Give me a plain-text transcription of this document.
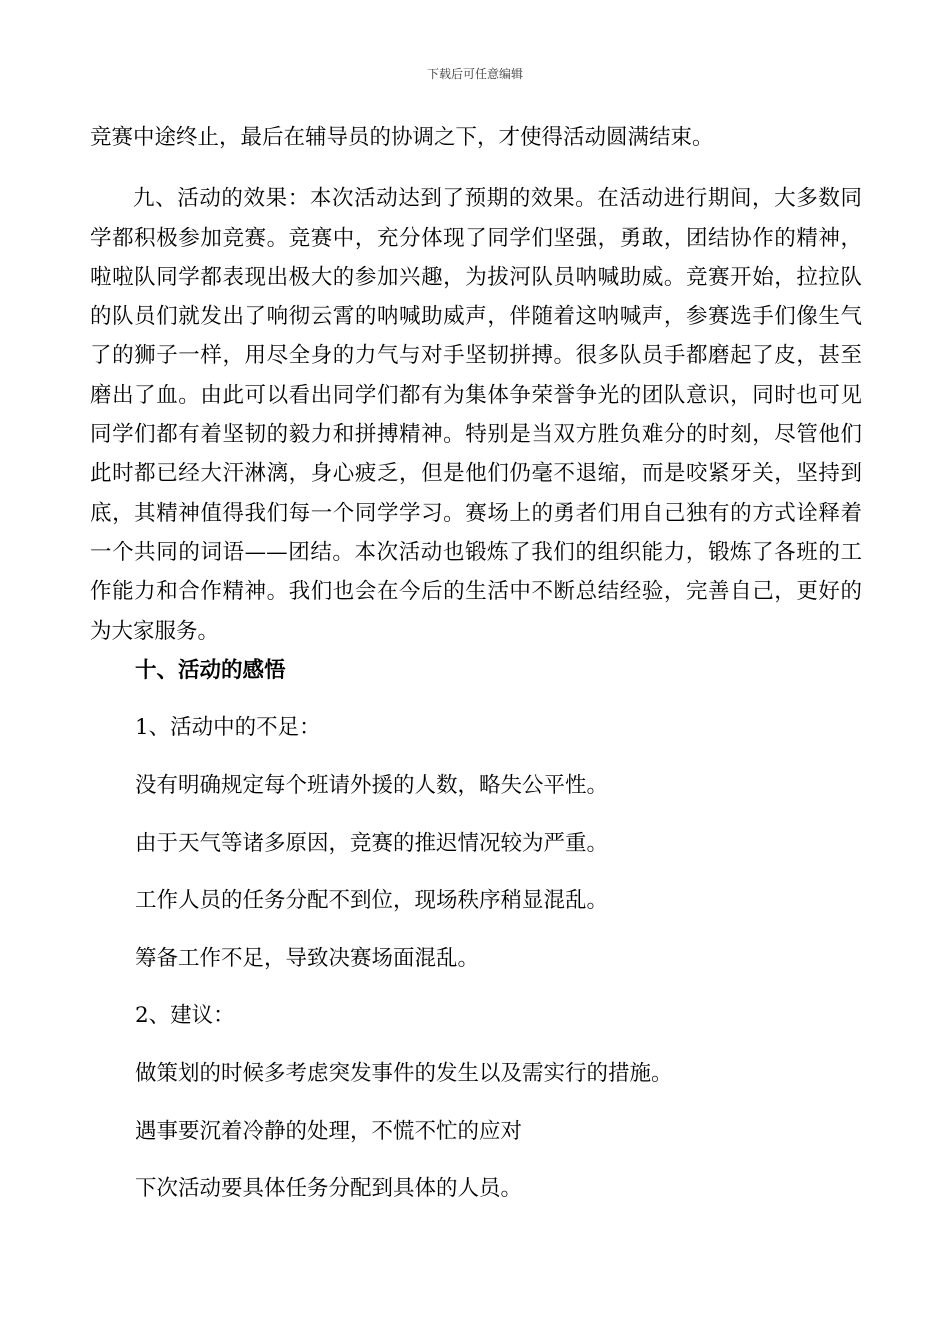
下载后可任意编辑

竞赛中途终止，最后在辅导员的协调之下，才使得活动圆满结束。

九、活动的效果：本次活动达到了预期的效果。在活动进行期间，大多数同学都积极参加竞赛。竞赛中，充分体现了同学们坚强，勇敢，团结协作的精神，啦啦队同学都表现出极大的参加兴趣，为拔河队员呐喊助威。竞赛开始，拉拉队的队员们就发出了响彻云霄的呐喊助威声，伴随着这呐喊声，参赛选手们像生气了的狮子一样，用尽全身的力气与对手坚韧拼搏。很多队员手都磨起了皮，甚至磨出了血。由此可以看出同学们都有为集体争荣誉争光的团队意识，同时也可见同学们都有着坚韧的毅力和拼搏精神。特别是当双方胜负难分的时刻，尽管他们此时都已经大汗淋漓，身心疲乏，但是他们仍毫不退缩，而是咬紧牙关，坚持到底，其精神值得我们每一个同学学习。赛场上的勇者们用自己独有的方式诠释着一个共同的词语——团结。本次活动也锻炼了我们的组织能力，锻炼了各班的工作能力和合作精神。我们也会在今后的生活中不断总结经验，完善自己，更好的为大家服务。

十、活动的感悟

1、活动中的不足：

没有明确规定每个班请外援的人数，略失公平性。

由于天气等诸多原因，竞赛的推迟情况较为严重。

工作人员的任务分配不到位，现场秩序稍显混乱。

筹备工作不足，导致决赛场面混乱。

2、建议：

做策划的时候多考虑突发事件的发生以及需实行的措施。

遇事要沉着冷静的处理，不慌不忙的应对

下次活动要具体任务分配到具体的人员。
